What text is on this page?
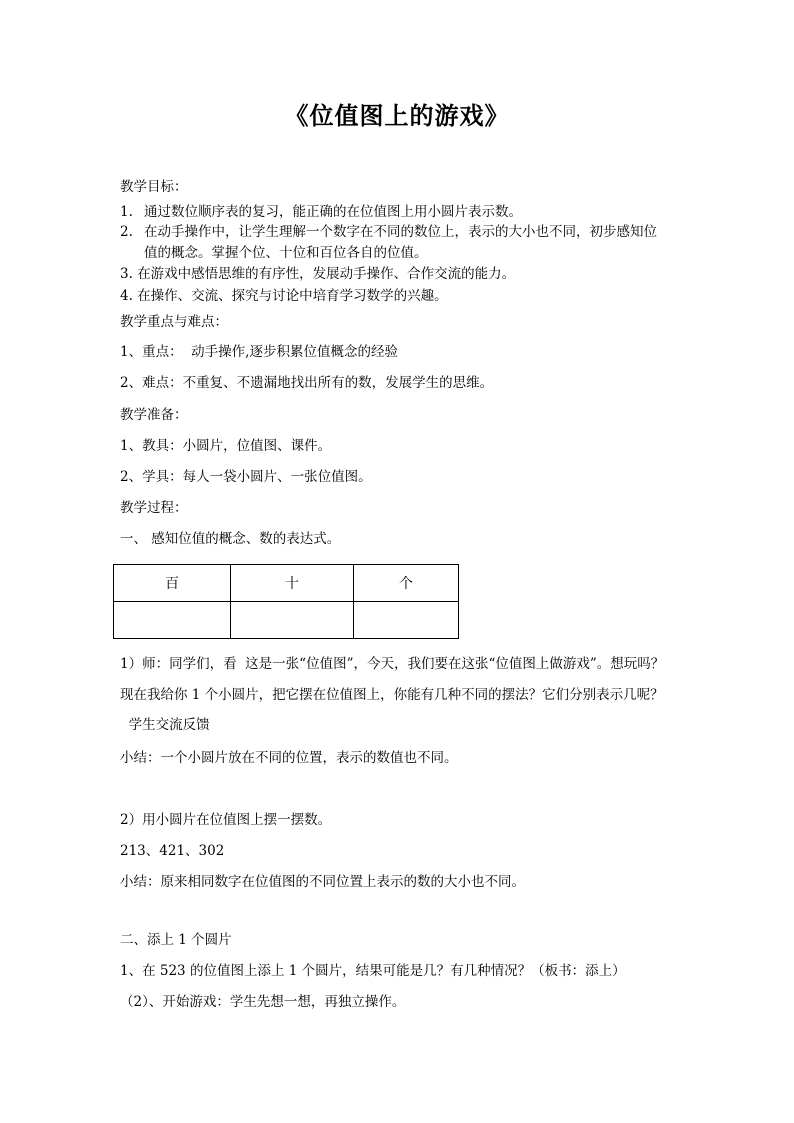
《位值图上的游戏》
教学目标：
1. 通过数位顺序表的复习，能正确的在位值图上用小圆片表示数。
2. 在动手操作中，让学生理解一个数字在不同的数位上，表示的大小也不同，初步感知位
值的概念。掌握个位、十位和百位各自的位值。
3. 在游戏中感悟思维的有序性，发展动手操作、合作交流的能力。
4. 在操作、交流、探究与讨论中培育学习数学的兴趣。
教学重点与难点：
1、重点：  动手操作,逐步积累位值概念的经验
2、难点：不重复、不遗漏地找出所有的数，发展学生的思维。
教学准备：
1、教具：小圆片，位值图、课件。
2、学具：每人一袋小圆片、一张位值图。
教学过程：
一、 感知位值的概念、数的表达式。
百	十	个

1）师：同学们，看  这是一张“位值图”，今天，我们要在这张“位值图上做游戏”。想玩吗？
现在我给你 1 个小圆片，把它摆在位值图上，你能有几种不同的摆法？它们分别表示几呢？
学生交流反馈
小结：一个小圆片放在不同的位置，表示的数值也不同。
2）用小圆片在位值图上摆一摆数。
213、421、302
小结：原来相同数字在位值图的不同位置上表示的数的大小也不同。
二、添上 1 个圆片
1、在 523 的位值图上添上 1 个圆片，结果可能是几？有几种情况？（板书：添上）
（2）、开始游戏：学生先想一想，再独立操作。
